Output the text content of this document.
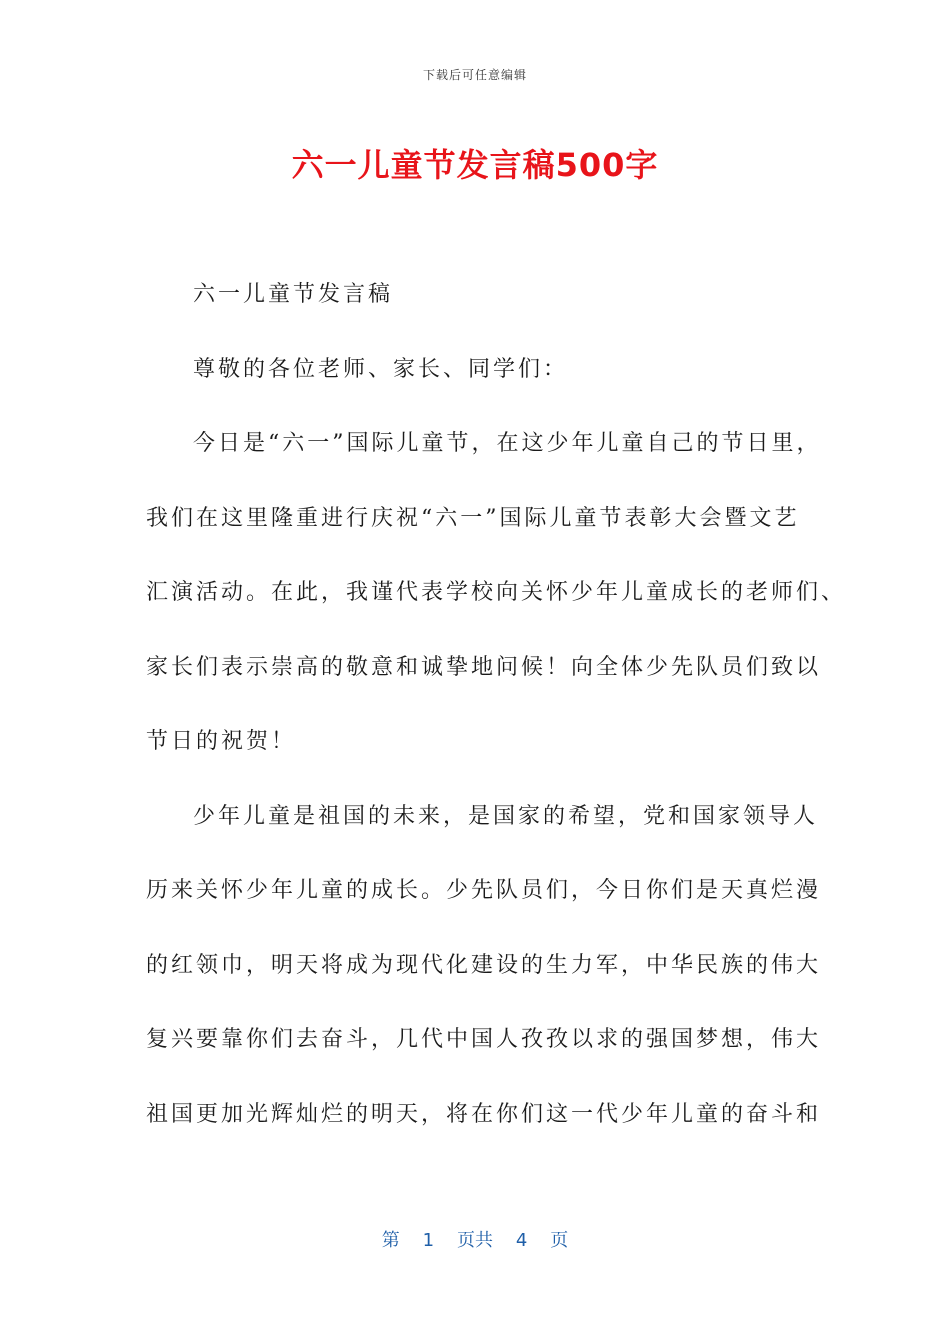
下载后可任意编辑
六一儿童节发言稿500字
六一儿童节发言稿
尊敬的各位老师、家长、同学们：
今日是“六一”国际儿童节，在这少年儿童自己的节日里，
我们在这里隆重进行庆祝“六一”国际儿童节表彰大会暨文艺
汇演活动。在此，我谨代表学校向关怀少年儿童成长的老师们、
家长们表示崇高的敬意和诚挚地问候！向全体少先队员们致以
节日的祝贺！
少年儿童是祖国的未来，是国家的希望，党和国家领导人
历来关怀少年儿童的成长。少先队员们，今日你们是天真烂漫
的红领巾，明天将成为现代化建设的生力军，中华民族的伟大
复兴要靠你们去奋斗，几代中国人孜孜以求的强国梦想，伟大
祖国更加光辉灿烂的明天，将在你们这一代少年儿童的奋斗和
第 1 页共 4 页
